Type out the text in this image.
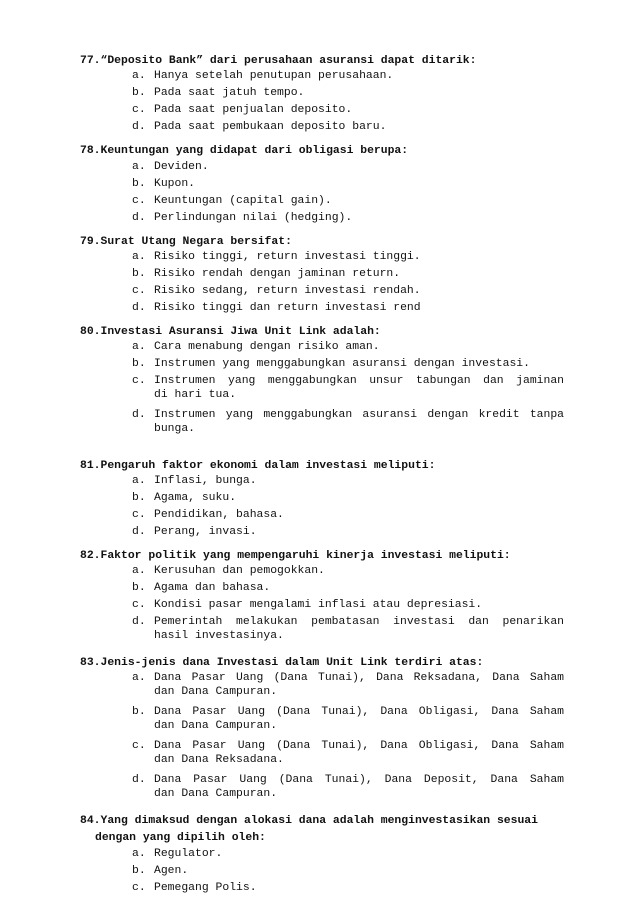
77.“Deposito Bank” dari perusahaan asuransi dapat ditarik:
a. Hanya setelah penutupan perusahaan.
b. Pada saat jatuh tempo.
c. Pada saat penjualan deposito.
d. Pada saat pembukaan deposito baru.
78.Keuntungan yang didapat dari obligasi berupa:
a. Deviden.
b. Kupon.
c. Keuntungan (capital gain).
d. Perlindungan nilai (hedging).
79.Surat Utang Negara bersifat:
a. Risiko tinggi, return investasi tinggi.
b. Risiko rendah dengan jaminan return.
c. Risiko sedang, return investasi rendah.
d. Risiko tinggi dan return investasi rend
80.Investasi Asuransi Jiwa Unit Link adalah:
a. Cara menabung dengan risiko aman.
b. Instrumen yang menggabungkan asuransi dengan investasi.
c. Instrumen yang menggabungkan unsur tabungan dan jaminan
di hari tua.
d. Instrumen yang menggabungkan asuransi dengan kredit tanpa
bunga.
81.Pengaruh faktor ekonomi dalam investasi meliputi:
a. Inflasi, bunga.
b. Agama, suku.
c. Pendidikan, bahasa.
d. Perang, invasi.
82.Faktor politik yang mempengaruhi kinerja investasi meliputi:
a. Kerusuhan dan pemogokkan.
b. Agama dan bahasa.
c. Kondisi pasar mengalami inflasi atau depresiasi.
d. Pemerintah melakukan pembatasan investasi dan penarikan
hasil investasinya.
83.Jenis-jenis dana Investasi dalam Unit Link terdiri atas:
a. Dana Pasar Uang (Dana Tunai), Dana Reksadana, Dana Saham
dan Dana Campuran.
b. Dana Pasar Uang (Dana Tunai), Dana Obligasi, Dana Saham
dan Dana Campuran.
c. Dana Pasar Uang (Dana Tunai), Dana Obligasi, Dana Saham
dan Dana Reksadana.
d. Dana Pasar Uang (Dana Tunai), Dana Deposit, Dana Saham
dan Dana Campuran.
84.Yang dimaksud dengan alokasi dana adalah menginvestasikan sesuai
dengan yang dipilih oleh:
a. Regulator.
b. Agen.
c. Pemegang Polis.
